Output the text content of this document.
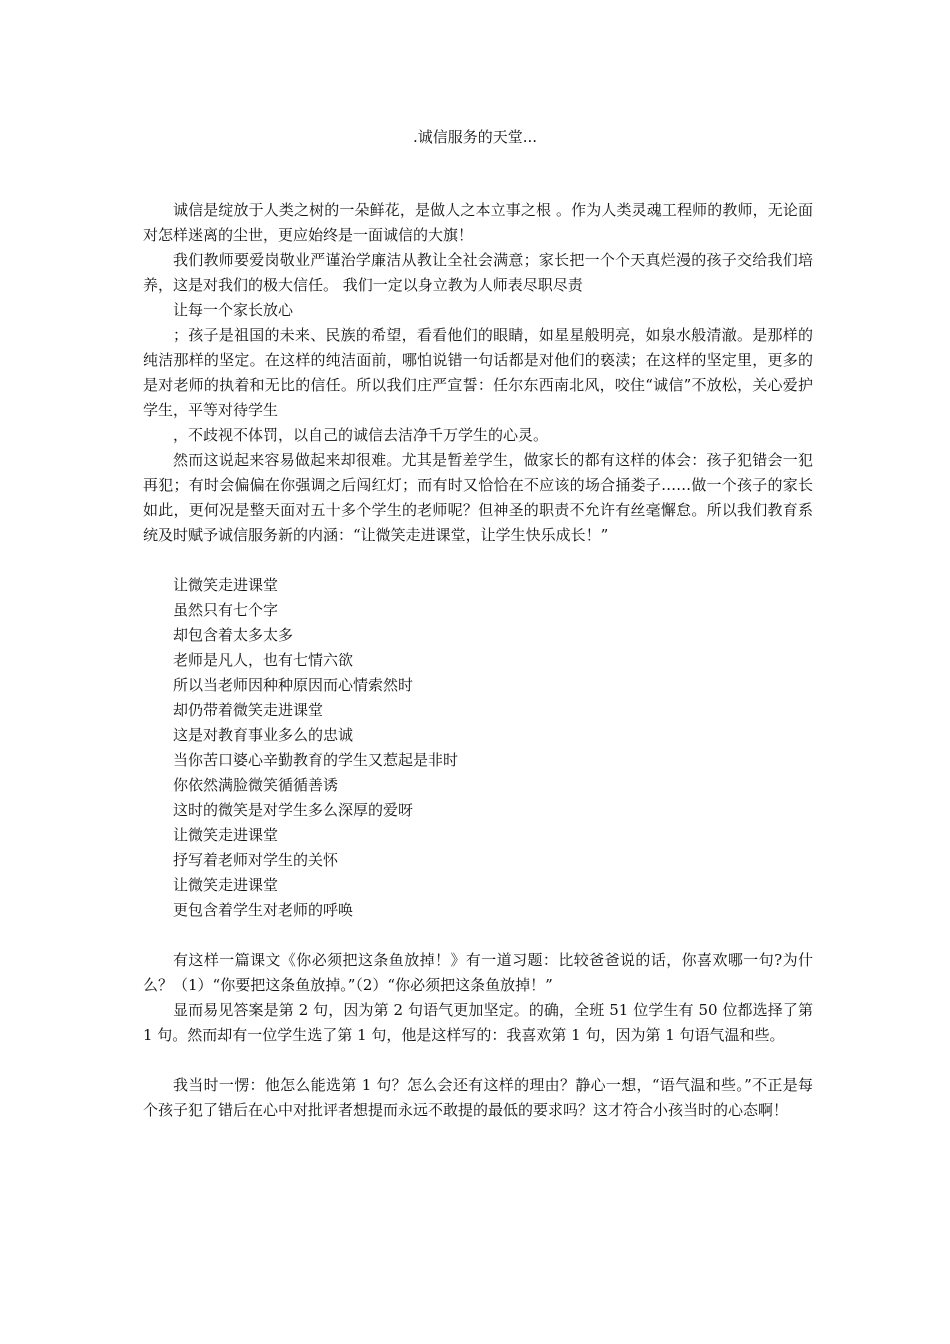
.诚信服务的天堂...

诚信是绽放于人类之树的一朵鲜花，是做人之本立事之根 。作为人类灵魂工程师的教师，无论面对怎样迷离的尘世，更应始终是一面诚信的大旗！

我们教师要爱岗敬业严谨治学廉洁从教让全社会满意；家长把一个个天真烂漫的孩子交给我们培养，这是对我们的极大信任。 我们一定以身立教为人师表尽职尽责

让每一个家长放心

；孩子是祖国的未来、民族的希望，看看他们的眼睛，如星星般明亮，如泉水般清澈。是那样的纯洁那样的坚定。在这样的纯洁面前，哪怕说错一句话都是对他们的亵渎；在这样的坚定里，更多的是对老师的执着和无比的信任。所以我们庄严宣誓：任尔东西南北风，咬住“诚信”不放松，关心爱护学生，平等对待学生

，不歧视不体罚，以自己的诚信去洁净千万学生的心灵。

然而这说起来容易做起来却很难。尤其是暂差学生，做家长的都有这样的体会：孩子犯错会一犯再犯；有时会偏偏在你强调之后闯红灯；而有时又恰恰在不应该的场合捅娄子……做一个孩子的家长如此，更何况是整天面对五十多个学生的老师呢？但神圣的职责不允许有丝毫懈怠。所以我们教育系统及时赋予诚信服务新的内涵：“让微笑走进课堂，让学生快乐成长！”

让微笑走进课堂

虽然只有七个字

却包含着太多太多

老师是凡人，也有七情六欲

所以当老师因种种原因而心情索然时

却仍带着微笑走进课堂

这是对教育事业多么的忠诚

当你苦口婆心辛勤教育的学生又惹起是非时

你依然满脸微笑循循善诱

这时的微笑是对学生多么深厚的爱呀

让微笑走进课堂

抒写着老师对学生的关怀

让微笑走进课堂

更包含着学生对老师的呼唤

有这样一篇课文《你必须把这条鱼放掉！》有一道习题：比较爸爸说的话，你喜欢哪一句?为什么？（1）“你要把这条鱼放掉。”（2）“你必须把这条鱼放掉！”

显而易见答案是第 2 句，因为第 2 句语气更加坚定。的确，全班 51 位学生有 50 位都选择了第 1 句。然而却有一位学生选了第 1 句，他是这样写的：我喜欢第 1 句，因为第 1 句语气温和些。

我当时一愣：他怎么能选第 1 句？怎么会还有这样的理由？静心一想，“语气温和些。”不正是每个孩子犯了错后在心中对批评者想提而永远不敢提的最低的要求吗？这才符合小孩当时的心态啊！
